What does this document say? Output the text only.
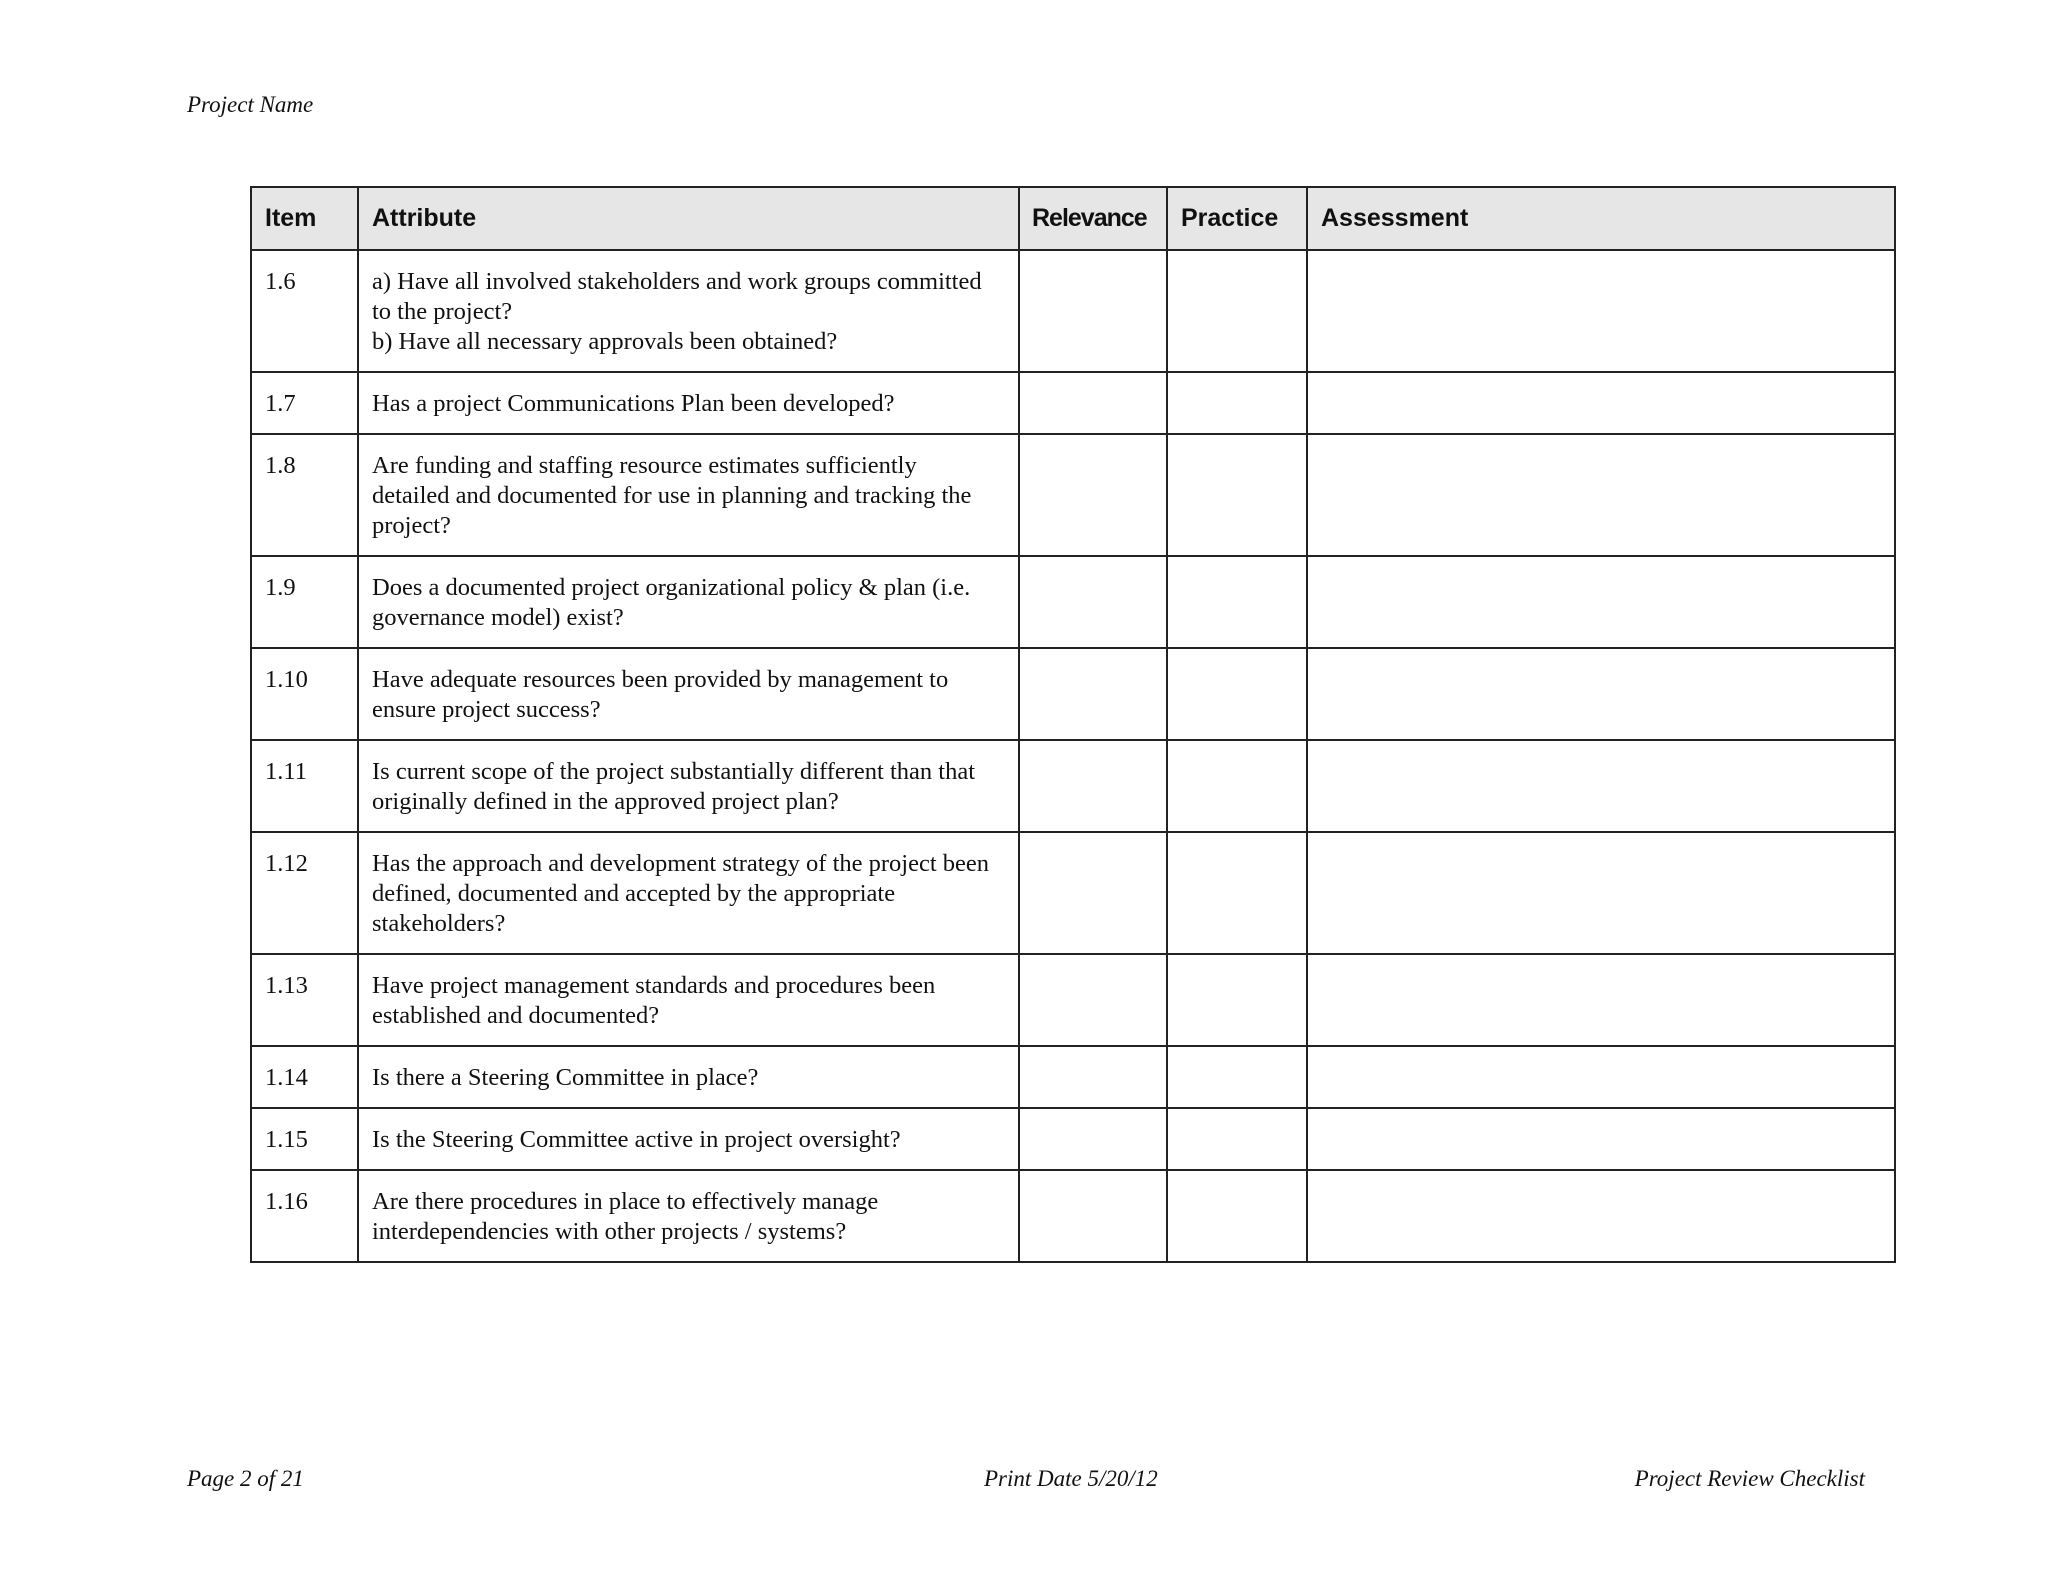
Project Name
Item	Attribute	Relevance	Practice	Assessment
1.6	a) Have all involved stakeholders and work groups committed to the project?
b) Have all necessary approvals been obtained?			

1.7	Has a project Communications Plan been developed?			

1.8	Are funding and staffing resource estimates sufficiently detailed and documented for use in planning and tracking the project?			

1.9	Does a documented project organizational policy & plan (i.e. governance model) exist?			

1.10	Have adequate resources been provided by management to ensure project success?			

1.11	Is current scope of the project substantially different than that originally defined in the approved project plan?			

1.12	Has the approach and development strategy of the project been defined, documented and accepted by the appropriate stakeholders?			

1.13	Have project management standards and procedures been established and documented?			

1.14	Is there a Steering Committee in place?			

1.15	Is the Steering Committee active in project oversight?			

1.16	Are there procedures in place to effectively manage interdependencies with other projects / systems?			

Page 2 of 21	Print Date 5/20/12	Project Review Checklist
